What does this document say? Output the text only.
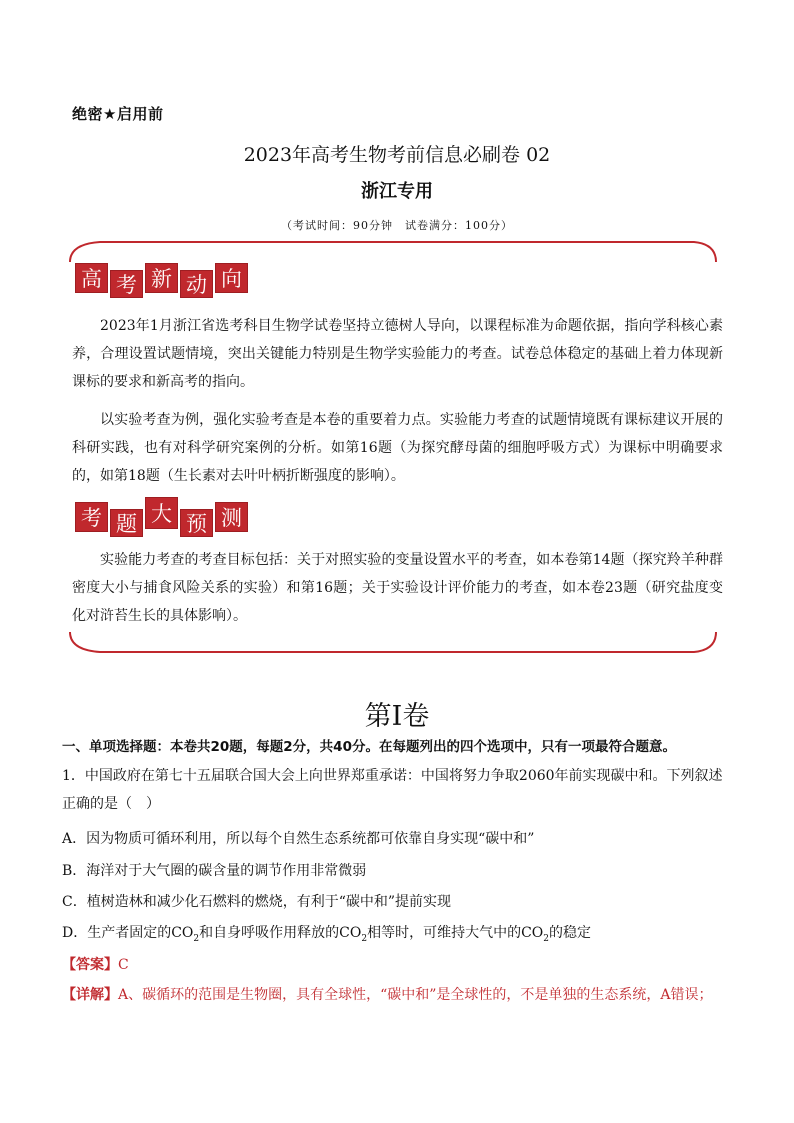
绝密★启用前
2023年高考生物考前信息必刷卷 02
浙江专用
（考试时间：90分钟　试卷满分：100分）
高 考 新 动 向
2023年1月浙江省选考科目生物学试卷坚持立德树人导向，以课程标准为命题依据，指向学科核心素养，合理设置试题情境，突出关键能力特别是生物学实验能力的考查。试卷总体稳定的基础上着力体现新课标的要求和新高考的指向。
以实验考查为例，强化实验考查是本卷的重要着力点。实验能力考查的试题情境既有课标建议开展的科研实践，也有对科学研究案例的分析。如第16题（为探究酵母菌的细胞呼吸方式）为课标中明确要求的，如第18题（生长素对去叶叶柄折断强度的影响）。
考 题 大 预 测
实验能力考查的考查目标包括：关于对照实验的变量设置水平的考查，如本卷第14题（探究羚羊种群密度大小与捕食风险关系的实验）和第16题；关于实验设计评价能力的考查，如本卷23题（研究盐度变化对浒苔生长的具体影响）。
第Ⅰ卷
一、单项选择题：本卷共20题，每题2分，共40分。在每题列出的四个选项中，只有一项最符合题意。
1．中国政府在第七十五届联合国大会上向世界郑重承诺：中国将努力争取2060年前实现碳中和。下列叙述正确的是（　）
A．因为物质可循环利用，所以每个自然生态系统都可依靠自身实现“碳中和”
B．海洋对于大气圈的碳含量的调节作用非常微弱
C．植树造林和减少化石燃料的燃烧，有利于“碳中和”提前实现
D．生产者固定的$CO_2$和自身呼吸作用释放的$CO_2$相等时，可维持大气中的$CO_2$的稳定
【答案】C
【详解】A、碳循环的范围是生物圈，具有全球性，“碳中和”是全球性的，不是单独的生态系统，A错误；
